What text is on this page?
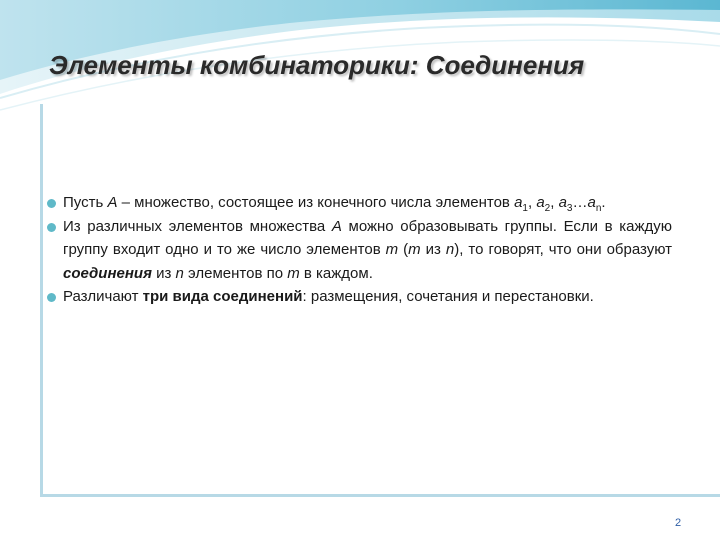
Элементы комбинаторики: Соединения
Пусть А – множество, состоящее из конечного числа элементов $a_1$, $a_2$, $a_3\dots a_n$.
Из различных элементов множества А можно образовывать группы. Если в каждую группу входит одно и то же число элементов m (m из n), то говорят, что они образуют соединения из n элементов по m в каждом.
Различают три вида соединений: размещения, сочетания и перестановки.
2
